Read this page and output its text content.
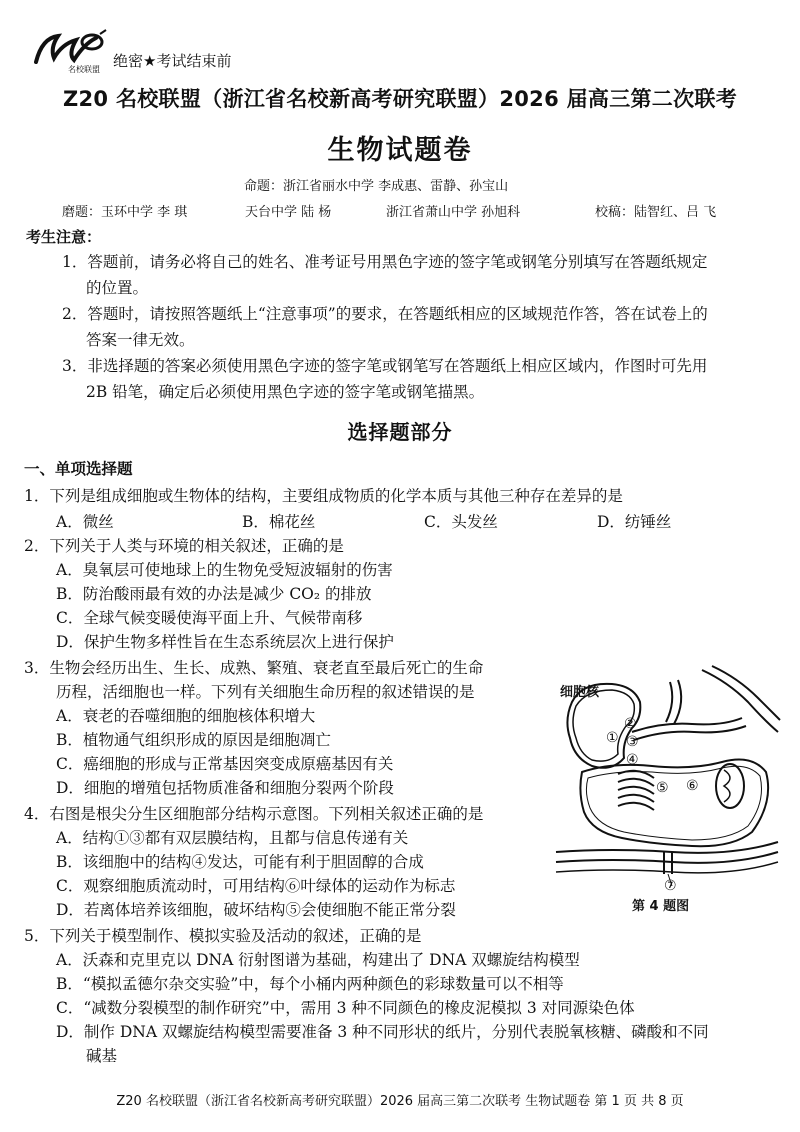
名校联盟 绝密★考试结束前
Z20 名校联盟（浙江省名校新高考研究联盟）2026 届高三第二次联考
生物试题卷
命题：浙江省丽水中学 李成惠、雷静、孙宝山
磨题：玉环中学 李 琪	天台中学 陆 杨	浙江省萧山中学 孙旭科	校稿：陆智红、吕 飞
考生注意：
1．答题前，请务必将自己的姓名、准考证号用黑色字迹的签字笔或钢笔分别填写在答题纸规定
的位置。
2．答题时，请按照答题纸上“注意事项”的要求，在答题纸相应的区域规范作答，答在试卷上的
答案一律无效。
3．非选择题的答案必须使用黑色字迹的签字笔或钢笔写在答题纸上相应区域内，作图时可先用
2B 铅笔，确定后必须使用黑色字迹的签字笔或钢笔描黑。
选择题部分
一、单项选择题
1．下列是组成细胞或生物体的结构，主要组成物质的化学本质与其他三种存在差异的是
A．微丝	B．棉花丝	C．头发丝	D．纺锤丝
2．下列关于人类与环境的相关叙述，正确的是
A．臭氧层可使地球上的生物免受短波辐射的伤害
B．防治酸雨最有效的办法是减少 CO₂ 的排放
C．全球气候变暖使海平面上升、气候带南移
D．保护生物多样性旨在生态系统层次上进行保护
3．生物会经历出生、生长、成熟、繁殖、衰老直至最后死亡的生命
历程，活细胞也一样。下列有关细胞生命历程的叙述错误的是
A．衰老的吞噬细胞的细胞核体积增大
B．植物通气组织形成的原因是细胞凋亡
C．癌细胞的形成与正常基因突变成原癌基因有关
D．细胞的增殖包括物质准备和细胞分裂两个阶段
4．右图是根尖分生区细胞部分结构示意图。下列相关叙述正确的是
A．结构①③都有双层膜结构，且都与信息传递有关
B．该细胞中的结构④发达，可能有利于胆固醇的合成
C．观察细胞质流动时，可用结构⑥叶绿体的运动作为标志
D．若离体培养该细胞，破坏结构⑤会使细胞不能正常分裂
5．下列关于模型制作、模拟实验及活动的叙述，正确的是
A．沃森和克里克以 DNA 衍射图谱为基础，构建出了 DNA 双螺旋结构模型
B．“模拟孟德尔杂交实验”中，每个小桶内两种颜色的彩球数量可以不相等
C．“减数分裂模型的制作研究”中，需用 3 种不同颜色的橡皮泥模拟 3 对同源染色体
D．制作 DNA 双螺旋结构模型需要准备 3 种不同形状的纸片，分别代表脱氧核糖、磷酸和不同
碱基
细胞核
①
②
③
④
⑤ ⑥
⑦
第 4 题图
Z20 名校联盟（浙江省名校新高考研究联盟）2026 届高三第二次联考 生物试题卷 第 1 页 共 8 页
